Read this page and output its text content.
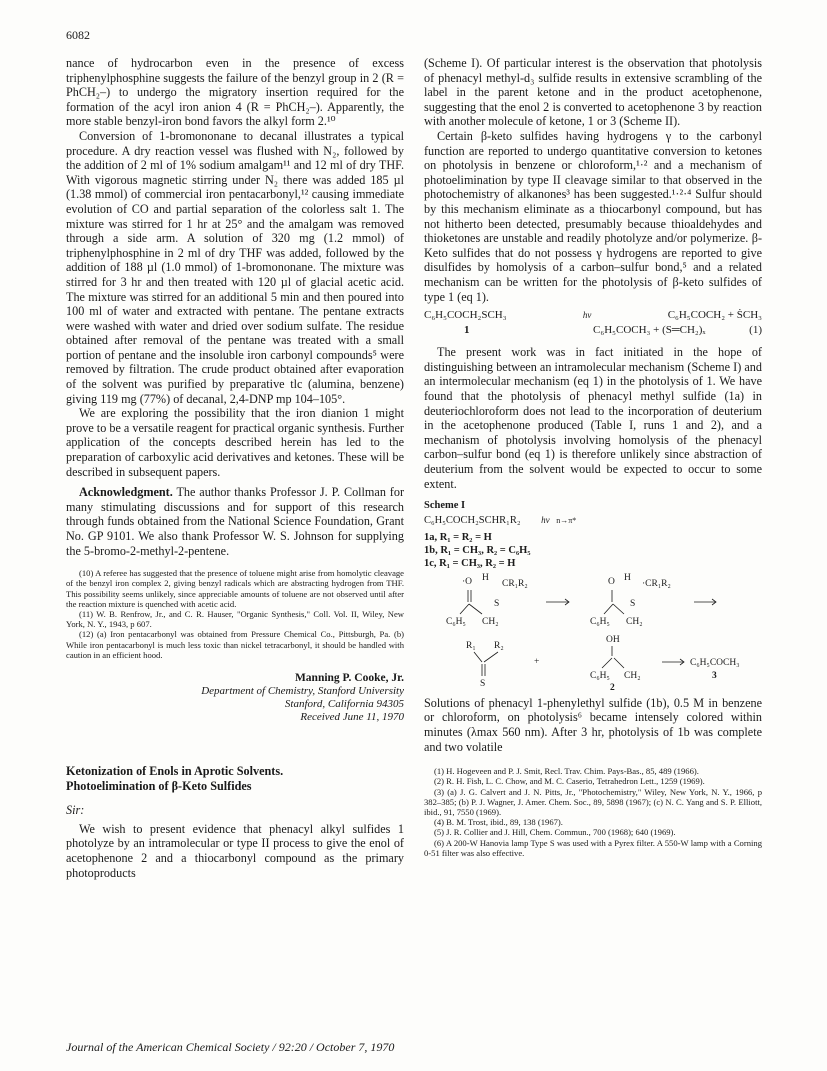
6082

nance of hydrocarbon even in the presence of excess triphenylphosphine suggests the failure of the benzyl group in 2 (R = PhCH₂–) to undergo the migratory insertion required for the formation of the acyl iron anion 4 (R = PhCH₂–). Apparently, the more stable benzyl-iron bond favors the alkyl form 2.¹⁰

Conversion of 1-bromononane to decanal illustrates a typical procedure. A dry reaction vessel was flushed with N₂, followed by the addition of 2 ml of 1% sodium amalgam¹¹ and 12 ml of dry THF. With vigorous magnetic stirring under N₂ there was added 185 µl (1.38 mmol) of commercial iron pentacarbonyl,¹² causing immediate evolution of CO and partial separation of the colorless salt 1. The mixture was stirred for 1 hr at 25° and the amalgam was removed through a side arm. A solution of 320 mg (1.2 mmol) of triphenylphosphine in 2 ml of dry THF was added, followed by the addition of 188 µl (1.0 mmol) of 1-bromononane. The mixture was stirred for 3 hr and then treated with 120 µl of glacial acetic acid. The mixture was stirred for an additional 5 min and then poured into 100 ml of water and extracted with pentane. The pentane extracts were washed with water and dried over sodium sulfate. The residue obtained after removal of the pentane was treated with a small portion of pentane and the insoluble iron carbonyl compounds⁵ were removed by filtration. The crude product obtained after evaporation of the solvent was purified by preparative tlc (alumina, benzene) giving 119 mg (77%) of decanal, 2,4-DNP mp 104–105°.

We are exploring the possibility that the iron dianion 1 might prove to be a versatile reagent for practical organic synthesis. Further application of the concepts described herein has led to the preparation of carboxylic acid derivatives and ketones. These will be described in subsequent papers.

Acknowledgment. The author thanks Professor J. P. Collman for many stimulating discussions and for support of this research through funds obtained from the National Science Foundation, Grant No. GP 9101. We also thank Professor W. S. Johnson for supplying the 5-bromo-2-methyl-2-pentene.

(10) A referee has suggested that the presence of toluene might arise from homolytic cleavage of the benzyl iron complex 2, giving benzyl radicals which are abstracting hydrogen from THF. This possibility seems unlikely, since appreciable amounts of toluene are not observed until after the reaction mixture is quenched with acetic acid.

(11) W. B. Renfrow, Jr., and C. R. Hauser, "Organic Synthesis," Coll. Vol. II, Wiley, New York, N. Y., 1943, p 607.

(12) (a) Iron pentacarbonyl was obtained from Pressure Chemical Co., Pittsburgh, Pa. (b) While iron pentacarbonyl is much less toxic than nickel tetracarbonyl, it should be handled with caution in an efficient hood.

Manning P. Cooke, Jr.
Department of Chemistry, Stanford University
Stanford, California 94305
Received June 11, 1970
Ketonization of Enols in Aprotic Solvents.
Photoelimination of β-Keto Sulfides
Sir:

We wish to present evidence that phenacyl alkyl sulfides 1 photolyze by an intramolecular or type II process to give the enol of acetophenone 2 and a thiocarbonyl compound as the primary photoproducts

(Scheme I). Of particular interest is the observation that photolysis of phenacyl methyl-d₃ sulfide results in extensive scrambling of the label in the parent ketone and in the product acetophenone, suggesting that the enol 2 is converted to acetophenone 3 by reaction with another molecule of ketone, 1 or 3 (Scheme II).

Certain β-keto sulfides having hydrogens γ to the carbonyl function are reported to undergo quantitative conversion to ketones on photolysis in benzene or chloroform,¹·² and a mechanism of photoelimination by type II cleavage similar to that observed in the photochemistry of alkanones³ has been suggested.¹·²·⁴ Sulfur should by this mechanism eliminate as a thiocarbonyl compound, but has not hitherto been detected, presumably because thioaldehydes and thioketones are unstable and readily photolyze and/or polymerize. β-Keto sulfides that do not possess γ hydrogens are reported to give disulfides by homolysis of a carbon–sulfur bond,⁵ and a related mechanism can be written for the photolysis of β-keto sulfides of type 1 (eq 1).

C₆H₅COCH₂SCH₃	hν	C₆H₅COCH₂ + ṠCH₃
1	C₆H₅COCH₃ + (S═CH₂)ₓ	(1)

The present work was in fact initiated in the hope of distinguishing between an intramolecular mechanism (Scheme I) and an intermolecular mechanism (eq 1) in the photolysis of 1. We have found that the photolysis of phenacyl methyl sulfide (1a) in deuteriochloroform does not lead to the incorporation of deuterium in the acetophenone produced (Table I, runs 1 and 2), and a mechanism of photolysis involving homolysis of the phenacyl carbon–sulfur bond (eq 1) is therefore unlikely since abstraction of deuterium from the solvent would be expected to occur to some extent.

Scheme I
C₆H₅COCH₂SCHR₁R₂ hν n→π*
1a, R₁ = R₂ = H
1b, R₁ = CH₃, R₂ = C₆H₅
1c, R₁ = CH₃, R₂ = H
·O H
CR₁R₂
S
C₆H₅ CH₂
O H
·CR₁R₂
S
C₆H₅ CH₂
R₁ R₂
S
+
OH
C₆H₅ CH₂
2
C₆H₅COCH₃
3

Solutions of phenacyl 1-phenylethyl sulfide (1b), 0.5 M in benzene or chloroform, on photolysis⁶ became intensely colored within minutes (λmax 560 nm). After 3 hr, photolysis of 1b was complete and two volatile

(1) H. Hogeveen and P. J. Smit, Recl. Trav. Chim. Pays-Bas., 85, 489 (1966).

(2) R. H. Fish, L. C. Chow, and M. C. Caserio, Tetrahedron Lett., 1259 (1969).

(3) (a) J. G. Calvert and J. N. Pitts, Jr., "Photochemistry," Wiley, New York, N. Y., 1966, p 382–385; (b) P. J. Wagner, J. Amer. Chem. Soc., 89, 5898 (1967); (c) N. C. Yang and S. P. Elliott, ibid., 91, 7550 (1969).

(4) B. M. Trost, ibid., 89, 138 (1967).

(5) J. R. Collier and J. Hill, Chem. Commun., 700 (1968); 640 (1969).

(6) A 200-W Hanovia lamp Type S was used with a Pyrex filter. A 550-W lamp with a Corning 0-51 filter was also effective.

Journal of the American Chemical Society / 92:20 / October 7, 1970
